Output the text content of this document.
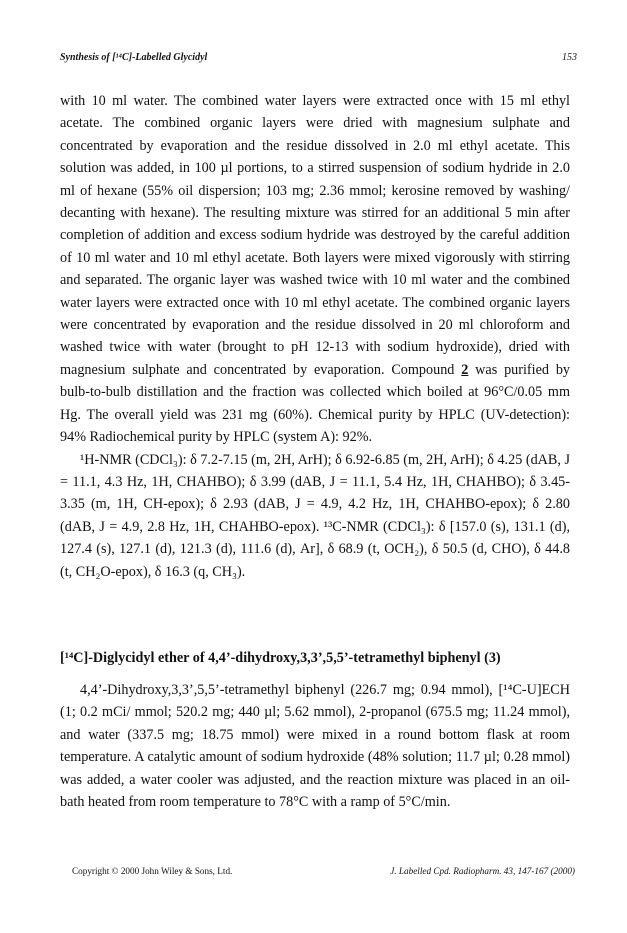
Synthesis of [¹⁴C]-Labelled Glycidyl	153

with 10 ml water. The combined water layers were extracted once with 15 ml ethyl acetate. The combined organic layers were dried with magnesium sulphate and concentrated by evaporation and the residue dissolved in 2.0 ml ethyl acetate. This solution was added, in 100 µl portions, to a stirred suspension of sodium hydride in 2.0 ml of hexane (55% oil dispersion; 103 mg; 2.36 mmol; kerosine removed by washing/ decanting with hexane). The resulting mixture was stirred for an additional 5 min after completion of addition and excess sodium hydride was destroyed by the careful addition of 10 ml water and 10 ml ethyl acetate. Both layers were mixed vigorously with stirring and separated. The organic layer was washed twice with 10 ml water and the combined water layers were extracted once with 10 ml ethyl acetate. The combined organic layers were concentrated by evaporation and the residue dissolved in 20 ml chloroform and washed twice with water (brought to pH 12-13 with sodium hydroxide), dried with magnesium sulphate and concentrated by evaporation. Compound 2 was purified by bulb-to-bulb distillation and the fraction was collected which boiled at 96°C/0.05 mm Hg. The overall yield was 231 mg (60%). Chemical purity by HPLC (UV-detection): 94% Radiochemical purity by HPLC (system A): 92%.

¹H-NMR (CDCl₃): δ 7.2-7.15 (m, 2H, ArH); δ 6.92-6.85 (m, 2H, ArH); δ 4.25 (dAB, J = 11.1, 4.3 Hz, 1H, CHAHBO); δ 3.99 (dAB, J = 11.1, 5.4 Hz, 1H, CHAHBO); δ 3.45-3.35 (m, 1H, CH-epox); δ 2.93 (dAB, J = 4.9, 4.2 Hz, 1H, CHAHBO-epox); δ 2.80 (dAB, J = 4.9, 2.8 Hz, 1H, CHAHBO-epox). ¹³C-NMR (CDCl₃): δ [157.0 (s), 131.1 (d), 127.4 (s), 127.1 (d), 121.3 (d), 111.6 (d), Ar], δ 68.9 (t, OCH₂), δ 50.5 (d, CHO), δ 44.8 (t, CH₂O-epox), δ 16.3 (q, CH₃).

[¹⁴C]-Diglycidyl ether of 4,4’-dihydroxy,3,3’,5,5’-tetramethyl biphenyl (3)

4,4’-Dihydroxy,3,3’,5,5’-tetramethyl biphenyl (226.7 mg; 0.94 mmol), [¹⁴C-U]ECH (1; 0.2 mCi/ mmol; 520.2 mg; 440 µl; 5.62 mmol), 2-propanol (675.5 mg; 11.24 mmol), and water (337.5 mg; 18.75 mmol) were mixed in a round bottom flask at room temperature. A catalytic amount of sodium hydroxide (48% solution; 11.7 µl; 0.28 mmol) was added, a water cooler was adjusted, and the reaction mixture was placed in an oil-bath heated from room temperature to 78°C with a ramp of 5°C/min.

Copyright © 2000 John Wiley & Sons, Ltd.	J. Labelled Cpd. Radiopharm. 43, 147-167 (2000)
